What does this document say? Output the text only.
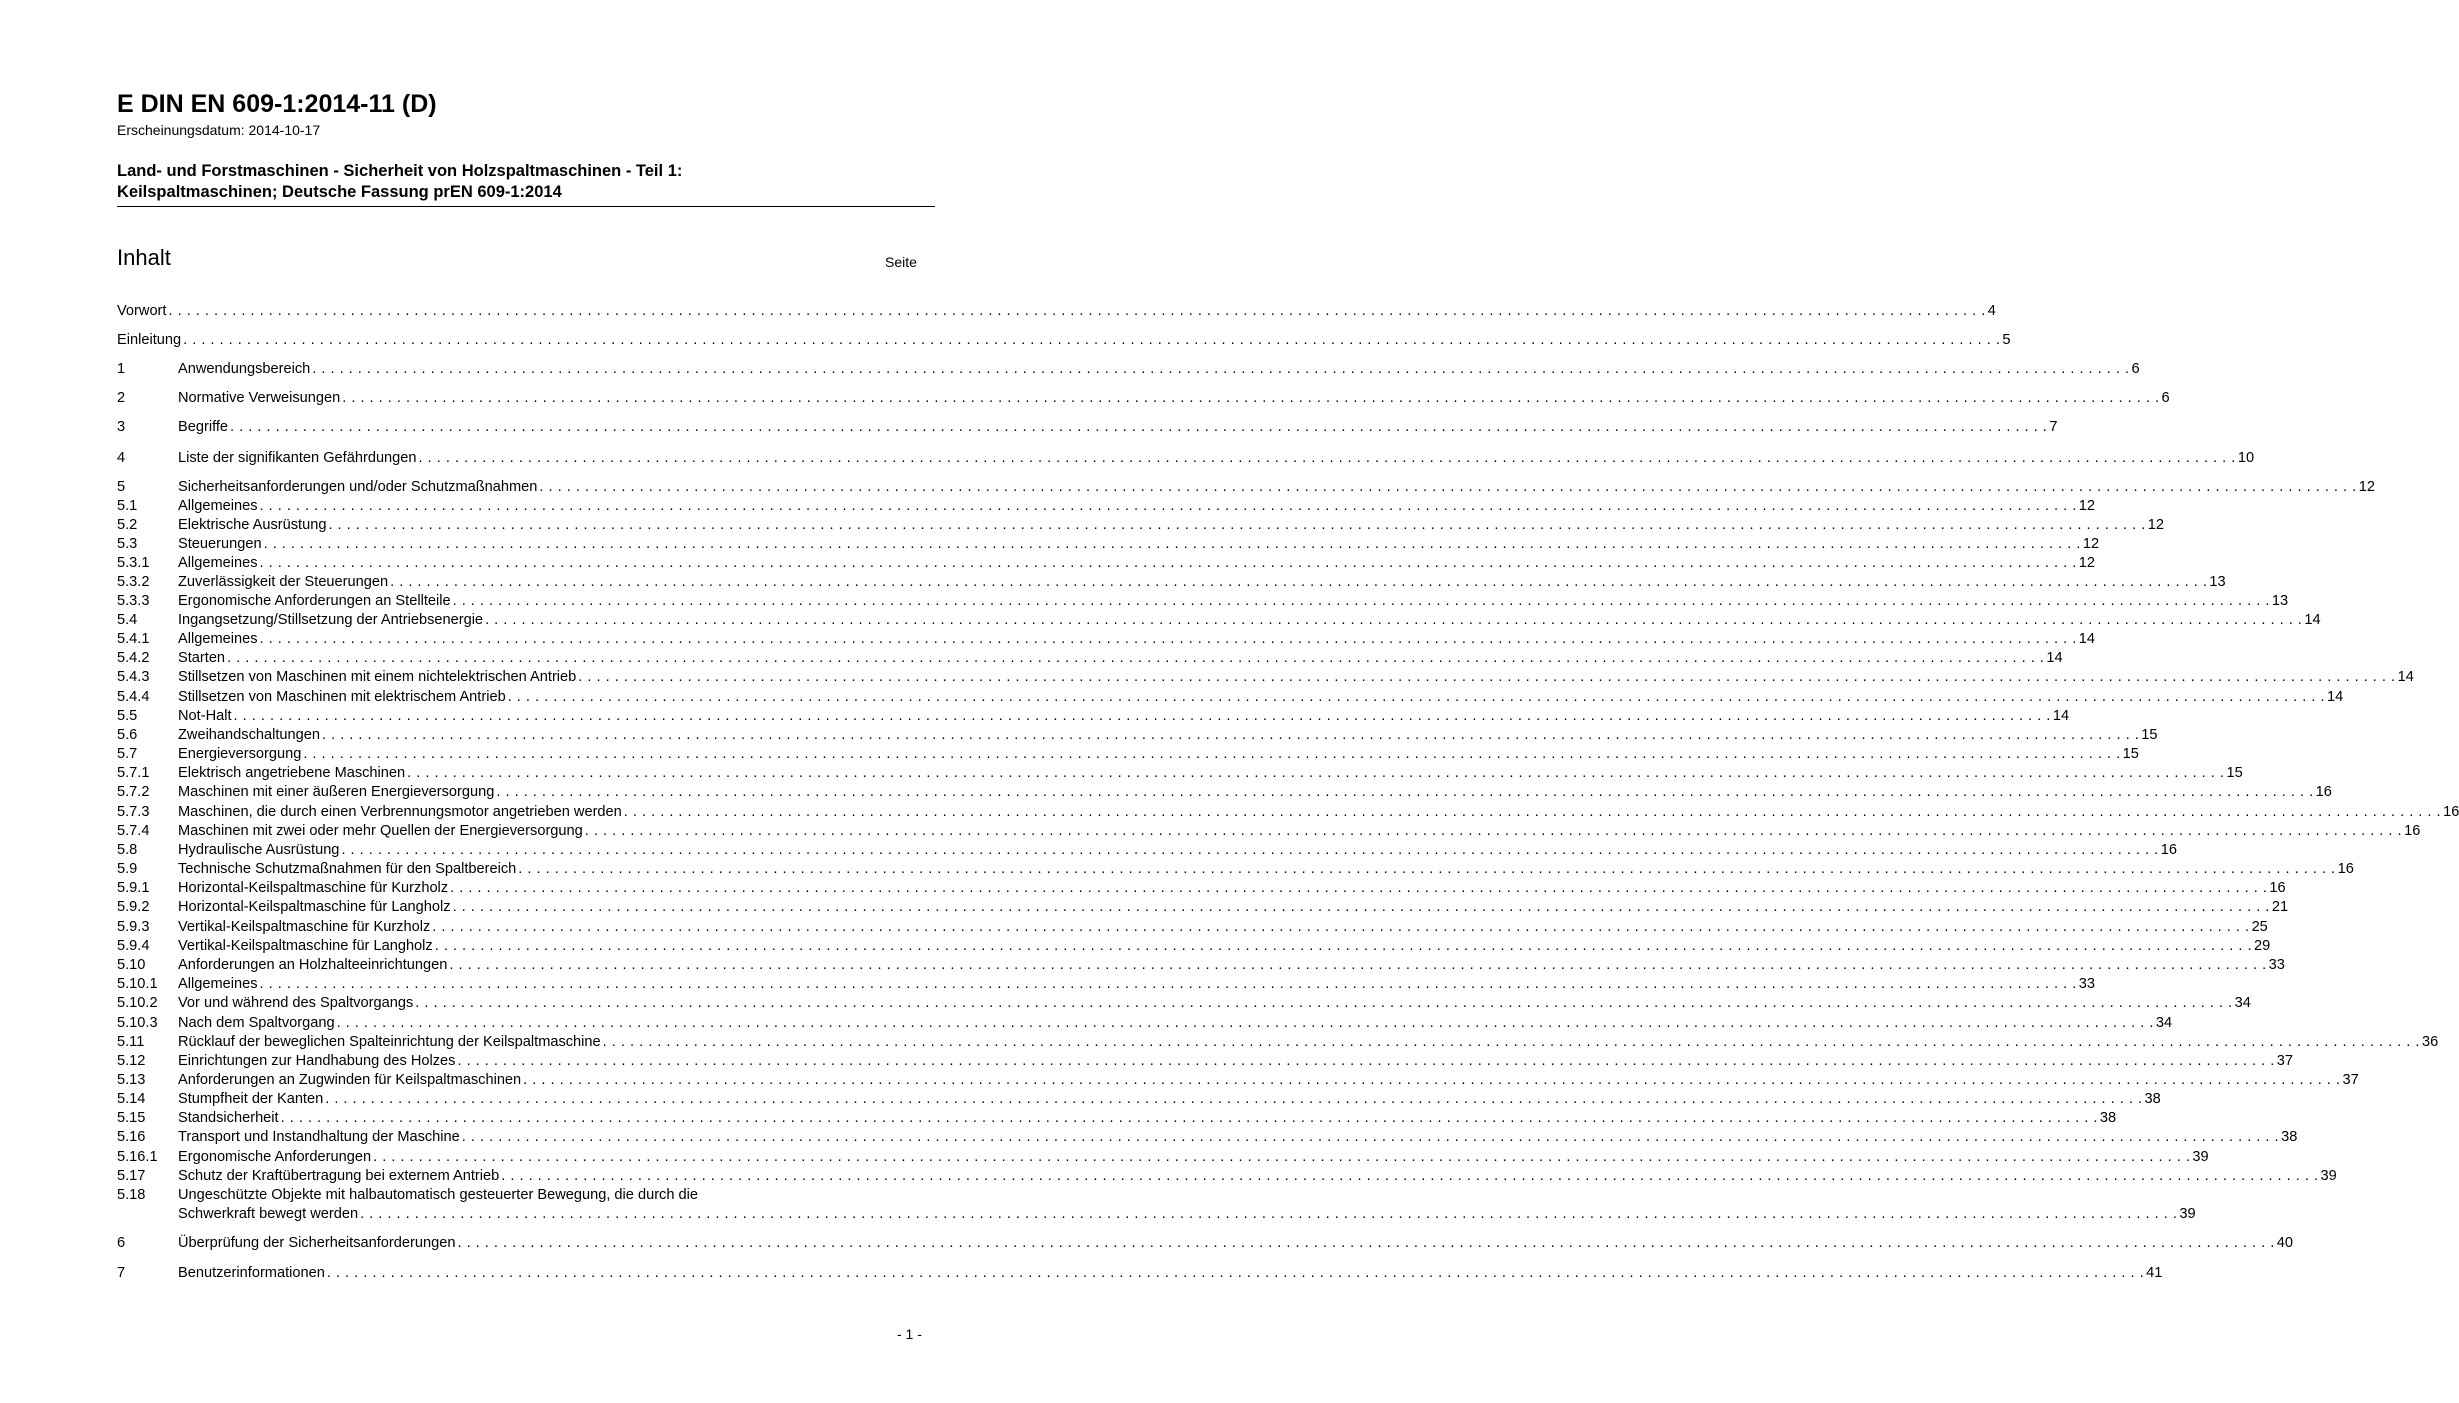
E DIN EN 609-1:2014-11 (D)
Erscheinungsdatum: 2014-10-17
Land- und Forstmaschinen - Sicherheit von Holzspaltmaschinen - Teil 1:
Keilspaltmaschinen; Deutsche Fassung prEN 609-1:2014
Inhalt	Seite
Vorwort . . . . . . . . . . . . . . . . . . . . . . . . . . . . . . . . . . . . . . . . . . . . . . . . . . . . . . . . . . . . . . . . . . . . . . . . . . . . . . . . . . . . . . . . . . . . . . . . . . . . . . . . . . . . . . . . . . . . . . . . . . . . . . . . . . . . . . . . . . . . . . . . . . . . . . . . . . . . . . . . . . . . . . . . . . . . . . . . . . . . . . . . . . . . . . . . . . . . . . . . 4
Einleitung . . . . . . . . . . . . . . . . . . . . . . . . . . . . . . . . . . . . . . . . . . . . . . . . . . . . . . . . . . . . . . . . . . . . . . . . . . . . . . . . . . . . . . . . . . . . . . . . . . . . . . . . . . . . . . . . . . . . . . . . . . . . . . . . . . . . . . . . . . . . . . . . . . . . . . . . . . . . . . . . . . . . . . . . . . . . . . . . . . . . . . . . . . . . . . . . . . . . . . . . 5
1	Anwendungsbereich . . . . . . . . . . . . . . . . . . . . . . . . . . . . . . . . . . . . . . . . . . . . . . . . . . . . . . . . . . . . . . . . . . . . . . . . . . . . . . . . . . . . . . . . . . . . . . . . . . . . . . . . . . . . . . . . . . . . . . . . . . . . . . . . . . . . . . . . . . . . . . . . . . . . . . . . . . . . . . . . . . . . . . . . . . . . . . . . . . . . . . . . . . . . . . . . . . . . . . . . 6
2	Normative Verweisungen . . . . . . . . . . . . . . . . . . . . . . . . . . . . . . . . . . . . . . . . . . . . . . . . . . . . . . . . . . . . . . . . . . . . . . . . . . . . . . . . . . . . . . . . . . . . . . . . . . . . . . . . . . . . . . . . . . . . . . . . . . . . . . . . . . . . . . . . . . . . . . . . . . . . . . . . . . . . . . . . . . . . . . . . . . . . . . . . . . . . . . . . . . . . . . . . . . . . . . . . 6
3	Begriffe . . . . . . . . . . . . . . . . . . . . . . . . . . . . . . . . . . . . . . . . . . . . . . . . . . . . . . . . . . . . . . . . . . . . . . . . . . . . . . . . . . . . . . . . . . . . . . . . . . . . . . . . . . . . . . . . . . . . . . . . . . . . . . . . . . . . . . . . . . . . . . . . . . . . . . . . . . . . . . . . . . . . . . . . . . . . . . . . . . . . . . . . . . . . . . . . . . . . . . . . 7
4	Liste der signifikanten Gefährdungen . . . . . . . . . . . . . . . . . . . . . . . . . . . . . . . . . . . . . . . . . . . . . . . . . . . . . . . . . . . . . . . . . . . . . . . . . . . . . . . . . . . . . . . . . . . . . . . . . . . . . . . . . . . . . . . . . . . . . . . . . . . . . . . . . . . . . . . . . . . . . . . . . . . . . . . . . . . . . . . . . . . . . . . . . . . . . . . . . . . . . . . . . . . . . . . . . . . . . . . . 10
5	Sicherheitsanforderungen und/oder Schutzmaßnahmen . . . . . . . . . . . . . . . . . . . . . . . . . . . . . . . . . . . . . . . . . . . . . . . . . . . . . . . . . . . . . . . . . . . . . . . . . . . . . . . . . . . . . . . . . . . . . . . . . . . . . . . . . . . . . . . . . . . . . . . . . . . . . . . . . . . . . . . . . . . . . . . . . . . . . . . . . . . . . . . . . . . . . . . . . . . . . . . . . . . . . . . . . . . . . . . . . . . . . . . . 12
5.1	Allgemeines . . . . . . . . . . . . . . . . . . . . . . . . . . . . . . . . . . . . . . . . . . . . . . . . . . . . . . . . . . . . . . . . . . . . . . . . . . . . . . . . . . . . . . . . . . . . . . . . . . . . . . . . . . . . . . . . . . . . . . . . . . . . . . . . . . . . . . . . . . . . . . . . . . . . . . . . . . . . . . . . . . . . . . . . . . . . . . . . . . . . . . . . . . . . . . . . . . . . . . . . 12
5.2	Elektrische Ausrüstung . . . . . . . . . . . . . . . . . . . . . . . . . . . . . . . . . . . . . . . . . . . . . . . . . . . . . . . . . . . . . . . . . . . . . . . . . . . . . . . . . . . . . . . . . . . . . . . . . . . . . . . . . . . . . . . . . . . . . . . . . . . . . . . . . . . . . . . . . . . . . . . . . . . . . . . . . . . . . . . . . . . . . . . . . . . . . . . . . . . . . . . . . . . . . . . . . . . . . . . . 12
5.3	Steuerungen . . . . . . . . . . . . . . . . . . . . . . . . . . . . . . . . . . . . . . . . . . . . . . . . . . . . . . . . . . . . . . . . . . . . . . . . . . . . . . . . . . . . . . . . . . . . . . . . . . . . . . . . . . . . . . . . . . . . . . . . . . . . . . . . . . . . . . . . . . . . . . . . . . . . . . . . . . . . . . . . . . . . . . . . . . . . . . . . . . . . . . . . . . . . . . . . . . . . . . . . 12
5.3.1	Allgemeines . . . . . . . . . . . . . . . . . . . . . . . . . . . . . . . . . . . . . . . . . . . . . . . . . . . . . . . . . . . . . . . . . . . . . . . . . . . . . . . . . . . . . . . . . . . . . . . . . . . . . . . . . . . . . . . . . . . . . . . . . . . . . . . . . . . . . . . . . . . . . . . . . . . . . . . . . . . . . . . . . . . . . . . . . . . . . . . . . . . . . . . . . . . . . . . . . . . . . . . . 12
5.3.2	Zuverlässigkeit der Steuerungen . . . . . . . . . . . . . . . . . . . . . . . . . . . . . . . . . . . . . . . . . . . . . . . . . . . . . . . . . . . . . . . . . . . . . . . . . . . . . . . . . . . . . . . . . . . . . . . . . . . . . . . . . . . . . . . . . . . . . . . . . . . . . . . . . . . . . . . . . . . . . . . . . . . . . . . . . . . . . . . . . . . . . . . . . . . . . . . . . . . . . . . . . . . . . . . . . . . . . . . . 13
5.3.3	Ergonomische Anforderungen an Stellteile . . . . . . . . . . . . . . . . . . . . . . . . . . . . . . . . . . . . . . . . . . . . . . . . . . . . . . . . . . . . . . . . . . . . . . . . . . . . . . . . . . . . . . . . . . . . . . . . . . . . . . . . . . . . . . . . . . . . . . . . . . . . . . . . . . . . . . . . . . . . . . . . . . . . . . . . . . . . . . . . . . . . . . . . . . . . . . . . . . . . . . . . . . . . . . . . . . . . . . . . 13
5.4	Ingangsetzung/Stillsetzung der Antriebsenergie . . . . . . . . . . . . . . . . . . . . . . . . . . . . . . . . . . . . . . . . . . . . . . . . . . . . . . . . . . . . . . . . . . . . . . . . . . . . . . . . . . . . . . . . . . . . . . . . . . . . . . . . . . . . . . . . . . . . . . . . . . . . . . . . . . . . . . . . . . . . . . . . . . . . . . . . . . . . . . . . . . . . . . . . . . . . . . . . . . . . . . . . . . . . . . . . . . . . . . . . 14
5.4.1	Allgemeines . . . . . . . . . . . . . . . . . . . . . . . . . . . . . . . . . . . . . . . . . . . . . . . . . . . . . . . . . . . . . . . . . . . . . . . . . . . . . . . . . . . . . . . . . . . . . . . . . . . . . . . . . . . . . . . . . . . . . . . . . . . . . . . . . . . . . . . . . . . . . . . . . . . . . . . . . . . . . . . . . . . . . . . . . . . . . . . . . . . . . . . . . . . . . . . . . . . . . . . . 14
5.4.2	Starten . . . . . . . . . . . . . . . . . . . . . . . . . . . . . . . . . . . . . . . . . . . . . . . . . . . . . . . . . . . . . . . . . . . . . . . . . . . . . . . . . . . . . . . . . . . . . . . . . . . . . . . . . . . . . . . . . . . . . . . . . . . . . . . . . . . . . . . . . . . . . . . . . . . . . . . . . . . . . . . . . . . . . . . . . . . . . . . . . . . . . . . . . . . . . . . . . . . . . . . . 14
5.4.3	Stillsetzen von Maschinen mit einem nichtelektrischen Antrieb . . . . . . . . . . . . . . . . . . . . . . . . . . . . . . . . . . . . . . . . . . . . . . . . . . . . . . . . . . . . . . . . . . . . . . . . . . . . . . . . . . . . . . . . . . . . . . . . . . . . . . . . . . . . . . . . . . . . . . . . . . . . . . . . . . . . . . . . . . . . . . . . . . . . . . . . . . . . . . . . . . . . . . . . . . . . . . . . . . . . . . . . . . . . . . . . . . . . . . . . 14
5.4.4	Stillsetzen von Maschinen mit elektrischem Antrieb . . . . . . . . . . . . . . . . . . . . . . . . . . . . . . . . . . . . . . . . . . . . . . . . . . . . . . . . . . . . . . . . . . . . . . . . . . . . . . . . . . . . . . . . . . . . . . . . . . . . . . . . . . . . . . . . . . . . . . . . . . . . . . . . . . . . . . . . . . . . . . . . . . . . . . . . . . . . . . . . . . . . . . . . . . . . . . . . . . . . . . . . . . . . . . . . . . . . . . . . 14
5.5	Not-Halt . . . . . . . . . . . . . . . . . . . . . . . . . . . . . . . . . . . . . . . . . . . . . . . . . . . . . . . . . . . . . . . . . . . . . . . . . . . . . . . . . . . . . . . . . . . . . . . . . . . . . . . . . . . . . . . . . . . . . . . . . . . . . . . . . . . . . . . . . . . . . . . . . . . . . . . . . . . . . . . . . . . . . . . . . . . . . . . . . . . . . . . . . . . . . . . . . . . . . . . . 14
5.6	Zweihandschaltungen . . . . . . . . . . . . . . . . . . . . . . . . . . . . . . . . . . . . . . . . . . . . . . . . . . . . . . . . . . . . . . . . . . . . . . . . . . . . . . . . . . . . . . . . . . . . . . . . . . . . . . . . . . . . . . . . . . . . . . . . . . . . . . . . . . . . . . . . . . . . . . . . . . . . . . . . . . . . . . . . . . . . . . . . . . . . . . . . . . . . . . . . . . . . . . . . . . . . . . . . 15
5.7	Energieversorgung . . . . . . . . . . . . . . . . . . . . . . . . . . . . . . . . . . . . . . . . . . . . . . . . . . . . . . . . . . . . . . . . . . . . . . . . . . . . . . . . . . . . . . . . . . . . . . . . . . . . . . . . . . . . . . . . . . . . . . . . . . . . . . . . . . . . . . . . . . . . . . . . . . . . . . . . . . . . . . . . . . . . . . . . . . . . . . . . . . . . . . . . . . . . . . . . . . . . . . . . 15
5.7.1	Elektrisch angetriebene Maschinen . . . . . . . . . . . . . . . . . . . . . . . . . . . . . . . . . . . . . . . . . . . . . . . . . . . . . . . . . . . . . . . . . . . . . . . . . . . . . . . . . . . . . . . . . . . . . . . . . . . . . . . . . . . . . . . . . . . . . . . . . . . . . . . . . . . . . . . . . . . . . . . . . . . . . . . . . . . . . . . . . . . . . . . . . . . . . . . . . . . . . . . . . . . . . . . . . . . . . . . . 15
5.7.2	Maschinen mit einer äußeren Energieversorgung . . . . . . . . . . . . . . . . . . . . . . . . . . . . . . . . . . . . . . . . . . . . . . . . . . . . . . . . . . . . . . . . . . . . . . . . . . . . . . . . . . . . . . . . . . . . . . . . . . . . . . . . . . . . . . . . . . . . . . . . . . . . . . . . . . . . . . . . . . . . . . . . . . . . . . . . . . . . . . . . . . . . . . . . . . . . . . . . . . . . . . . . . . . . . . . . . . . . . . . . 16
5.7.3	Maschinen, die durch einen Verbrennungsmotor angetrieben werden . . . . . . . . . . . . . . . . . . . . . . . . . . . . . . . . . . . . . . . . . . . . . . . . . . . . . . . . . . . . . . . . . . . . . . . . . . . . . . . . . . . . . . . . . . . . . . . . . . . . . . . . . . . . . . . . . . . . . . . . . . . . . . . . . . . . . . . . . . . . . . . . . . . . . . . . . . . . . . . . . . . . . . . . . . . . . . . . . . . . . . . . . . . . . . . . . . . . . . . . 16
5.7.4	Maschinen mit zwei oder mehr Quellen der Energieversorgung . . . . . . . . . . . . . . . . . . . . . . . . . . . . . . . . . . . . . . . . . . . . . . . . . . . . . . . . . . . . . . . . . . . . . . . . . . . . . . . . . . . . . . . . . . . . . . . . . . . . . . . . . . . . . . . . . . . . . . . . . . . . . . . . . . . . . . . . . . . . . . . . . . . . . . . . . . . . . . . . . . . . . . . . . . . . . . . . . . . . . . . . . . . . . . . . . . . . . . . . 16
5.8	Hydraulische Ausrüstung . . . . . . . . . . . . . . . . . . . . . . . . . . . . . . . . . . . . . . . . . . . . . . . . . . . . . . . . . . . . . . . . . . . . . . . . . . . . . . . . . . . . . . . . . . . . . . . . . . . . . . . . . . . . . . . . . . . . . . . . . . . . . . . . . . . . . . . . . . . . . . . . . . . . . . . . . . . . . . . . . . . . . . . . . . . . . . . . . . . . . . . . . . . . . . . . . . . . . . . . 16
5.9	Technische Schutzmaßnahmen für den Spaltbereich . . . . . . . . . . . . . . . . . . . . . . . . . . . . . . . . . . . . . . . . . . . . . . . . . . . . . . . . . . . . . . . . . . . . . . . . . . . . . . . . . . . . . . . . . . . . . . . . . . . . . . . . . . . . . . . . . . . . . . . . . . . . . . . . . . . . . . . . . . . . . . . . . . . . . . . . . . . . . . . . . . . . . . . . . . . . . . . . . . . . . . . . . . . . . . . . . . . . . . . . 16
5.9.1	Horizontal-Keilspaltmaschine für Kurzholz . . . . . . . . . . . . . . . . . . . . . . . . . . . . . . . . . . . . . . . . . . . . . . . . . . . . . . . . . . . . . . . . . . . . . . . . . . . . . . . . . . . . . . . . . . . . . . . . . . . . . . . . . . . . . . . . . . . . . . . . . . . . . . . . . . . . . . . . . . . . . . . . . . . . . . . . . . . . . . . . . . . . . . . . . . . . . . . . . . . . . . . . . . . . . . . . . . . . . . . . 16
5.9.2	Horizontal-Keilspaltmaschine für Langholz . . . . . . . . . . . . . . . . . . . . . . . . . . . . . . . . . . . . . . . . . . . . . . . . . . . . . . . . . . . . . . . . . . . . . . . . . . . . . . . . . . . . . . . . . . . . . . . . . . . . . . . . . . . . . . . . . . . . . . . . . . . . . . . . . . . . . . . . . . . . . . . . . . . . . . . . . . . . . . . . . . . . . . . . . . . . . . . . . . . . . . . . . . . . . . . . . . . . . . . . 21
5.9.3	Vertikal-Keilspaltmaschine für Kurzholz . . . . . . . . . . . . . . . . . . . . . . . . . . . . . . . . . . . . . . . . . . . . . . . . . . . . . . . . . . . . . . . . . . . . . . . . . . . . . . . . . . . . . . . . . . . . . . . . . . . . . . . . . . . . . . . . . . . . . . . . . . . . . . . . . . . . . . . . . . . . . . . . . . . . . . . . . . . . . . . . . . . . . . . . . . . . . . . . . . . . . . . . . . . . . . . . . . . . . . . . 25
5.9.4	Vertikal-Keilspaltmaschine für Langholz . . . . . . . . . . . . . . . . . . . . . . . . . . . . . . . . . . . . . . . . . . . . . . . . . . . . . . . . . . . . . . . . . . . . . . . . . . . . . . . . . . . . . . . . . . . . . . . . . . . . . . . . . . . . . . . . . . . . . . . . . . . . . . . . . . . . . . . . . . . . . . . . . . . . . . . . . . . . . . . . . . . . . . . . . . . . . . . . . . . . . . . . . . . . . . . . . . . . . . . . 29
5.10	Anforderungen an Holzhalteeinrichtungen . . . . . . . . . . . . . . . . . . . . . . . . . . . . . . . . . . . . . . . . . . . . . . . . . . . . . . . . . . . . . . . . . . . . . . . . . . . . . . . . . . . . . . . . . . . . . . . . . . . . . . . . . . . . . . . . . . . . . . . . . . . . . . . . . . . . . . . . . . . . . . . . . . . . . . . . . . . . . . . . . . . . . . . . . . . . . . . . . . . . . . . . . . . . . . . . . . . . . . . . 33
5.10.1	Allgemeines . . . . . . . . . . . . . . . . . . . . . . . . . . . . . . . . . . . . . . . . . . . . . . . . . . . . . . . . . . . . . . . . . . . . . . . . . . . . . . . . . . . . . . . . . . . . . . . . . . . . . . . . . . . . . . . . . . . . . . . . . . . . . . . . . . . . . . . . . . . . . . . . . . . . . . . . . . . . . . . . . . . . . . . . . . . . . . . . . . . . . . . . . . . . . . . . . . . . . . . . 33
5.10.2	Vor und während des Spaltvorgangs . . . . . . . . . . . . . . . . . . . . . . . . . . . . . . . . . . . . . . . . . . . . . . . . . . . . . . . . . . . . . . . . . . . . . . . . . . . . . . . . . . . . . . . . . . . . . . . . . . . . . . . . . . . . . . . . . . . . . . . . . . . . . . . . . . . . . . . . . . . . . . . . . . . . . . . . . . . . . . . . . . . . . . . . . . . . . . . . . . . . . . . . . . . . . . . . . . . . . . . . 34
5.10.3	Nach dem Spaltvorgang . . . . . . . . . . . . . . . . . . . . . . . . . . . . . . . . . . . . . . . . . . . . . . . . . . . . . . . . . . . . . . . . . . . . . . . . . . . . . . . . . . . . . . . . . . . . . . . . . . . . . . . . . . . . . . . . . . . . . . . . . . . . . . . . . . . . . . . . . . . . . . . . . . . . . . . . . . . . . . . . . . . . . . . . . . . . . . . . . . . . . . . . . . . . . . . . . . . . . . . . 34
5.11	Rücklauf der beweglichen Spalteinrichtung der Keilspaltmaschine . . . . . . . . . . . . . . . . . . . . . . . . . . . . . . . . . . . . . . . . . . . . . . . . . . . . . . . . . . . . . . . . . . . . . . . . . . . . . . . . . . . . . . . . . . . . . . . . . . . . . . . . . . . . . . . . . . . . . . . . . . . . . . . . . . . . . . . . . . . . . . . . . . . . . . . . . . . . . . . . . . . . . . . . . . . . . . . . . . . . . . . . . . . . . . . . . . . . . . . . 36
5.12	Einrichtungen zur Handhabung des Holzes . . . . . . . . . . . . . . . . . . . . . . . . . . . . . . . . . . . . . . . . . . . . . . . . . . . . . . . . . . . . . . . . . . . . . . . . . . . . . . . . . . . . . . . . . . . . . . . . . . . . . . . . . . . . . . . . . . . . . . . . . . . . . . . . . . . . . . . . . . . . . . . . . . . . . . . . . . . . . . . . . . . . . . . . . . . . . . . . . . . . . . . . . . . . . . . . . . . . . . . . 37
5.13	Anforderungen an Zugwinden für Keilspaltmaschinen . . . . . . . . . . . . . . . . . . . . . . . . . . . . . . . . . . . . . . . . . . . . . . . . . . . . . . . . . . . . . . . . . . . . . . . . . . . . . . . . . . . . . . . . . . . . . . . . . . . . . . . . . . . . . . . . . . . . . . . . . . . . . . . . . . . . . . . . . . . . . . . . . . . . . . . . . . . . . . . . . . . . . . . . . . . . . . . . . . . . . . . . . . . . . . . . . . . . . . . . 37
5.14	Stumpfheit der Kanten . . . . . . . . . . . . . . . . . . . . . . . . . . . . . . . . . . . . . . . . . . . . . . . . . . . . . . . . . . . . . . . . . . . . . . . . . . . . . . . . . . . . . . . . . . . . . . . . . . . . . . . . . . . . . . . . . . . . . . . . . . . . . . . . . . . . . . . . . . . . . . . . . . . . . . . . . . . . . . . . . . . . . . . . . . . . . . . . . . . . . . . . . . . . . . . . . . . . . . . . 38
5.15	Standsicherheit . . . . . . . . . . . . . . . . . . . . . . . . . . . . . . . . . . . . . . . . . . . . . . . . . . . . . . . . . . . . . . . . . . . . . . . . . . . . . . . . . . . . . . . . . . . . . . . . . . . . . . . . . . . . . . . . . . . . . . . . . . . . . . . . . . . . . . . . . . . . . . . . . . . . . . . . . . . . . . . . . . . . . . . . . . . . . . . . . . . . . . . . . . . . . . . . . . . . . . . . 38
5.16	Transport und Instandhaltung der Maschine . . . . . . . . . . . . . . . . . . . . . . . . . . . . . . . . . . . . . . . . . . . . . . . . . . . . . . . . . . . . . . . . . . . . . . . . . . . . . . . . . . . . . . . . . . . . . . . . . . . . . . . . . . . . . . . . . . . . . . . . . . . . . . . . . . . . . . . . . . . . . . . . . . . . . . . . . . . . . . . . . . . . . . . . . . . . . . . . . . . . . . . . . . . . . . . . . . . . . . . . 38
5.16.1	Ergonomische Anforderungen . . . . . . . . . . . . . . . . . . . . . . . . . . . . . . . . . . . . . . . . . . . . . . . . . . . . . . . . . . . . . . . . . . . . . . . . . . . . . . . . . . . . . . . . . . . . . . . . . . . . . . . . . . . . . . . . . . . . . . . . . . . . . . . . . . . . . . . . . . . . . . . . . . . . . . . . . . . . . . . . . . . . . . . . . . . . . . . . . . . . . . . . . . . . . . . . . . . . . . . . 39
5.17	Schutz der Kraftübertragung bei externem Antrieb . . . . . . . . . . . . . . . . . . . . . . . . . . . . . . . . . . . . . . . . . . . . . . . . . . . . . . . . . . . . . . . . . . . . . . . . . . . . . . . . . . . . . . . . . . . . . . . . . . . . . . . . . . . . . . . . . . . . . . . . . . . . . . . . . . . . . . . . . . . . . . . . . . . . . . . . . . . . . . . . . . . . . . . . . . . . . . . . . . . . . . . . . . . . . . . . . . . . . . . . 39
5.18	Ungeschützte Objekte mit halbautomatisch gesteuerter Bewegung, die durch die
Schwerkraft bewegt werden . . . . . . . . . . . . . . . . . . . . . . . . . . . . . . . . . . . . . . . . . . . . . . . . . . . . . . . . . . . . . . . . . . . . . . . . . . . . . . . . . . . . . . . . . . . . . . . . . . . . . . . . . . . . . . . . . . . . . . . . . . . . . . . . . . . . . . . . . . . . . . . . . . . . . . . . . . . . . . . . . . . . . . . . . . . . . . . . . . . . . . . . . . . . . . . . . . . . . . . . 39
6	Überprüfung der Sicherheitsanforderungen . . . . . . . . . . . . . . . . . . . . . . . . . . . . . . . . . . . . . . . . . . . . . . . . . . . . . . . . . . . . . . . . . . . . . . . . . . . . . . . . . . . . . . . . . . . . . . . . . . . . . . . . . . . . . . . . . . . . . . . . . . . . . . . . . . . . . . . . . . . . . . . . . . . . . . . . . . . . . . . . . . . . . . . . . . . . . . . . . . . . . . . . . . . . . . . . . . . . . . . . 40
7	Benutzerinformationen . . . . . . . . . . . . . . . . . . . . . . . . . . . . . . . . . . . . . . . . . . . . . . . . . . . . . . . . . . . . . . . . . . . . . . . . . . . . . . . . . . . . . . . . . . . . . . . . . . . . . . . . . . . . . . . . . . . . . . . . . . . . . . . . . . . . . . . . . . . . . . . . . . . . . . . . . . . . . . . . . . . . . . . . . . . . . . . . . . . . . . . . . . . . . . . . . . . . . . . . 41
- 1 -
